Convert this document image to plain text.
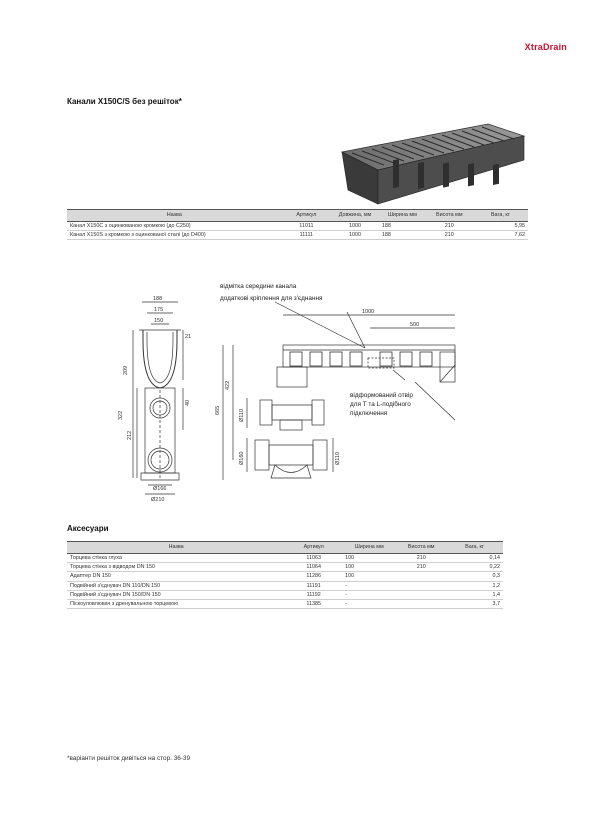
XtraDrain
Канали X150C/S без решіток*
Назва	Артикул	Довжина, мм	Ширина мм	Висота мм	Вага, кг
Канал X150C з оцинкованою кромкою (до C250)	11011	1000	188	210	5,95
Канал X150S з кромкою з оцинкованої сталі (до D400)	11111	1000	188	210	7,62
188
175
150
21
209
40
322
212
Ø166
Ø210
1000
500
422
665	Ø110
Ø160	Ø110
відмітка середини канала
додаткові кріплення для з'єднання
відформований отвір
для Т та L-подібного
підключення
Аксесуари
Назва	Артикул	Ширина мм	Висота мм	Вага, кг
Торцева стінка глуха	11063	100	210	0,14
Торцева стінка з відводом DN 150	11064	100	210	0,22
Адаптер DN 150	11286	100		0,3
Подвійний з'єднувач DN 110/DN 150	11191	-		1,2
Подвійний з'єднувач DN 150/DN 150	11192	-		1,4
Піскоуловлювач з дренувальною торцевою	11385	-		3,7
*варіанти решіток дивіться на стор. 36-39
